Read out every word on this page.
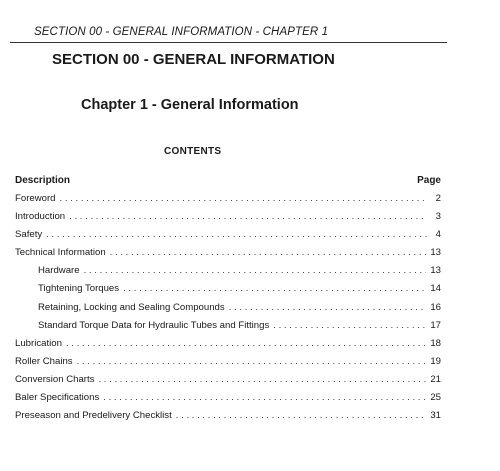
SECTION 00 - GENERAL INFORMATION - CHAPTER 1
SECTION 00 - GENERAL INFORMATION
Chapter 1 - General Information
CONTENTS
Description	Page
Foreword . . .	2
Introduction . . .	3
Safety . . .	4
Technical Information . . .	13
Hardware . . .	13
Tightening Torques . . .	14
Retaining, Locking and Sealing Compounds . . .	16
Standard Torque Data for Hydraulic Tubes and Fittings . . .	17
Lubrication . . .	18
Roller Chains . . .	19
Conversion Charts . . .	21
Baler Specifications . . .	25
Preseason and Predelivery Checklist . . .	31
